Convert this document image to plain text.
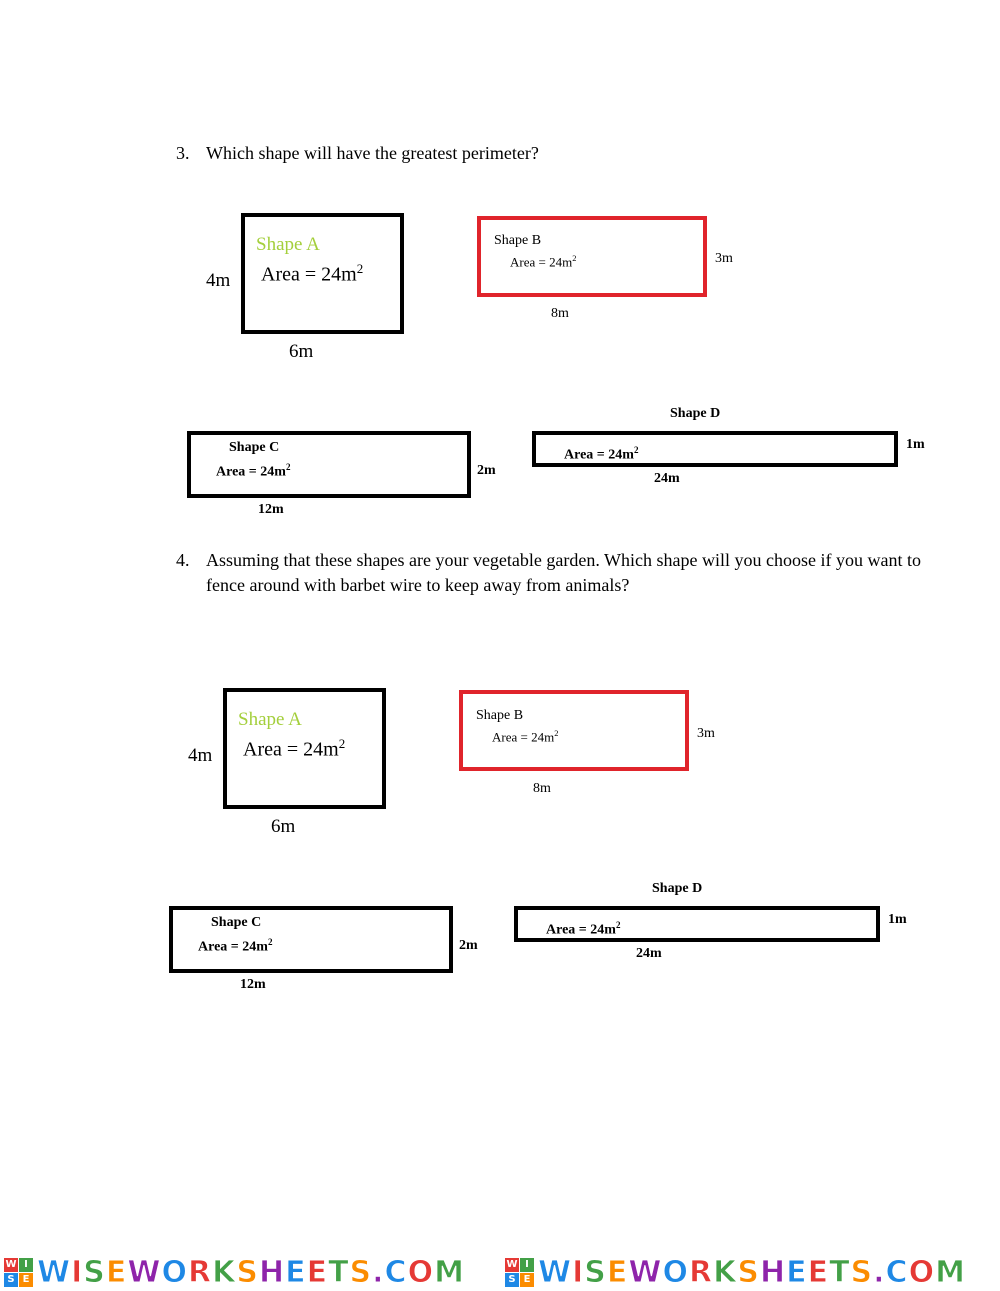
3. Which shape will have the greatest perimeter?
Shape A
Area = $24m^2$
4m
6m
Shape B
Area = $24m^2$	3m
8m
Shape C
Area = $24m^2$	2m
12m
Shape D
Area = $24m^2$	1m
24m
4. Assuming that these shapes are your vegetable garden. Which shape will you choose if you want to fence around with barbet wire to keep away from animals?
Shape A
Area = $24m^2$
4m
6m
Shape B
Area = $24m^2$	3m
8m
Shape C
Area = $24m^2$	2m
12m
Shape D
Area = $24m^2$	1m
24m
W I
S E WISEWORKSHEETS.COM	W I
S E WISEWORKSHEETS.COM
